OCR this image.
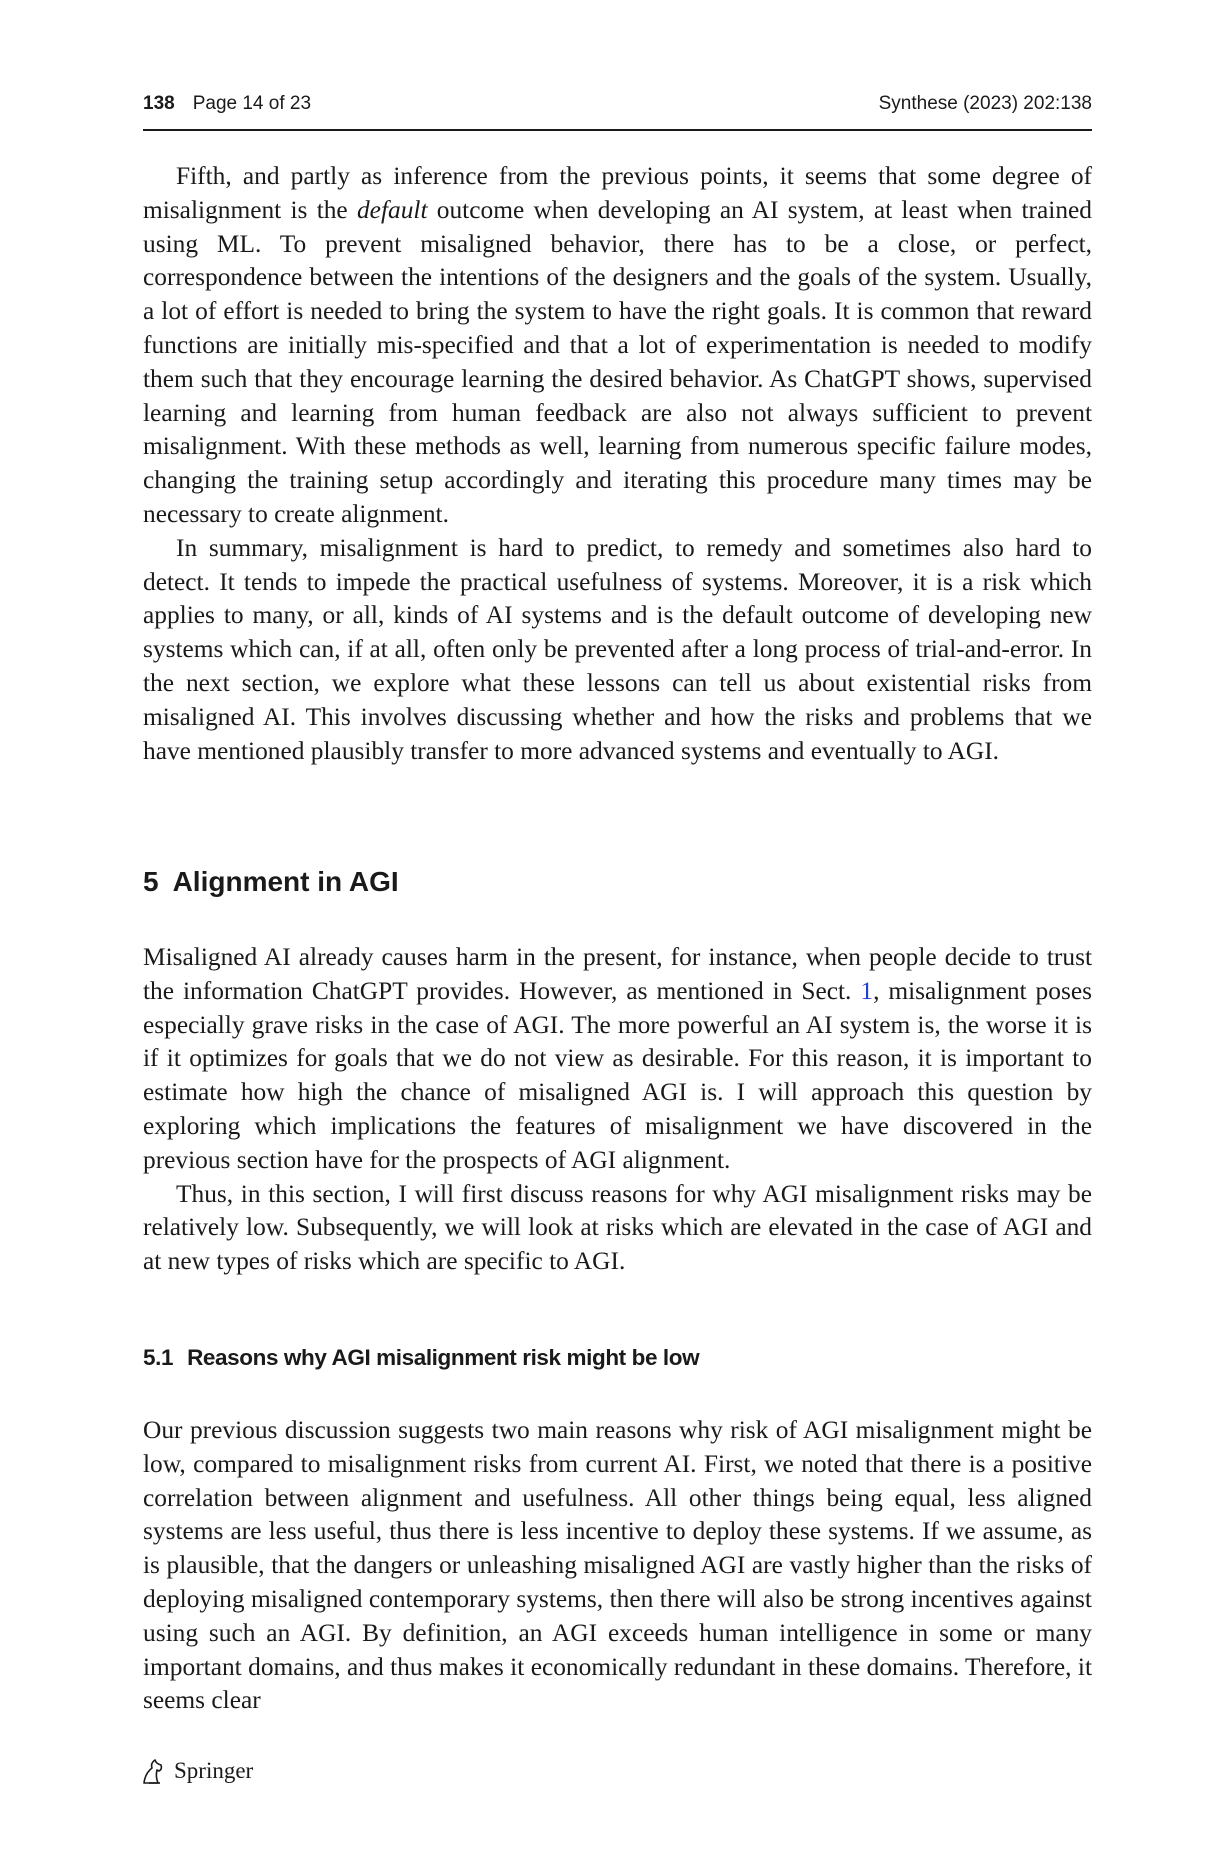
138 Page 14 of 23	Synthese (2023) 202:138

Fifth, and partly as inference from the previous points, it seems that some degree of misalignment is the default outcome when developing an AI system, at least when trained using ML. To prevent misaligned behavior, there has to be a close, or perfect, correspondence between the intentions of the designers and the goals of the system. Usually, a lot of effort is needed to bring the system to have the right goals. It is common that reward functions are initially mis-specified and that a lot of experimentation is needed to modify them such that they encourage learning the desired behavior. As ChatGPT shows, supervised learning and learning from human feedback are also not always sufficient to prevent misalignment. With these methods as well, learning from numerous specific failure modes, changing the training setup accordingly and iterating this procedure many times may be necessary to create alignment.

In summary, misalignment is hard to predict, to remedy and sometimes also hard to detect. It tends to impede the practical usefulness of systems. Moreover, it is a risk which applies to many, or all, kinds of AI systems and is the default outcome of developing new systems which can, if at all, often only be prevented after a long process of trial-and-error. In the next section, we explore what these lessons can tell us about existential risks from misaligned AI. This involves discussing whether and how the risks and problems that we have mentioned plausibly transfer to more advanced systems and eventually to AGI.

5 Alignment in AGI

Misaligned AI already causes harm in the present, for instance, when people decide to trust the information ChatGPT provides. However, as mentioned in Sect. 1, misalignment poses especially grave risks in the case of AGI. The more powerful an AI system is, the worse it is if it optimizes for goals that we do not view as desirable. For this reason, it is important to estimate how high the chance of misaligned AGI is. I will approach this question by exploring which implications the features of misalignment we have discovered in the previous section have for the prospects of AGI alignment.

Thus, in this section, I will first discuss reasons for why AGI misalignment risks may be relatively low. Subsequently, we will look at risks which are elevated in the case of AGI and at new types of risks which are specific to AGI.

5.1 Reasons why AGI misalignment risk might be low

Our previous discussion suggests two main reasons why risk of AGI misalignment might be low, compared to misalignment risks from current AI. First, we noted that there is a positive correlation between alignment and usefulness. All other things being equal, less aligned systems are less useful, thus there is less incentive to deploy these systems. If we assume, as is plausible, that the dangers or unleashing misaligned AGI are vastly higher than the risks of deploying misaligned contemporary systems, then there will also be strong incentives against using such an AGI. By definition, an AGI exceeds human intelligence in some or many important domains, and thus makes it economically redundant in these domains. Therefore, it seems clear

Springer
